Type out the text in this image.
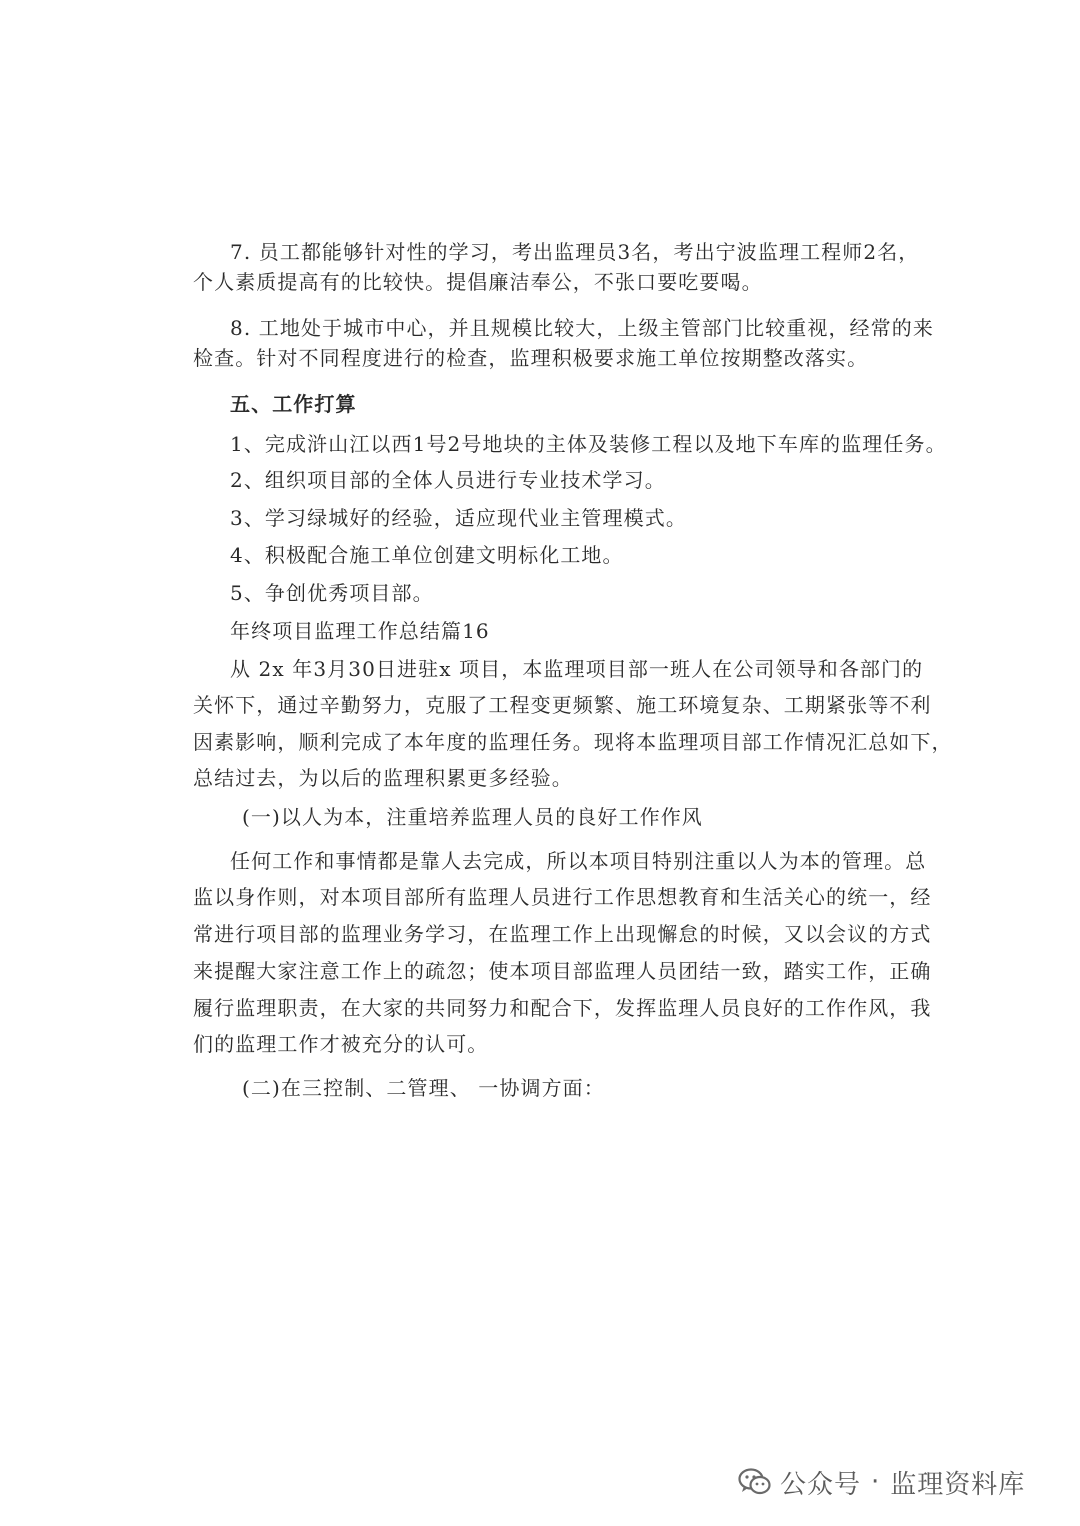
7. 员工都能够针对性的学习，考出监理员3名，考出宁波监理工程师2名，
个人素质提高有的比较快。提倡廉洁奉公，不张口要吃要喝。
8. 工地处于城市中心，并且规模比较大，上级主管部门比较重视，经常的来
检查。针对不同程度进行的检查，监理积极要求施工单位按期整改落实。
五、工作打算
1、完成浒山江以西1号2号地块的主体及装修工程以及地下车库的监理任务。
2、组织项目部的全体人员进行专业技术学习。
3、学习绿城好的经验，适应现代业主管理模式。
4、积极配合施工单位创建文明标化工地。
5、争创优秀项目部。
年终项目监理工作总结篇16
从 2x 年3月30日进驻x 项目，本监理项目部一班人在公司领导和各部门的
关怀下，通过辛勤努力，克服了工程变更频繁、施工环境复杂、工期紧张等不利
因素影响，顺利完成了本年度的监理任务。现将本监理项目部工作情况汇总如下，
总结过去，为以后的监理积累更多经验。
(一)以人为本，注重培养监理人员的良好工作作风
任何工作和事情都是靠人去完成，所以本项目特别注重以人为本的管理。总
监以身作则，对本项目部所有监理人员进行工作思想教育和生活关心的统一，经
常进行项目部的监理业务学习，在监理工作上出现懈怠的时候，又以会议的方式
来提醒大家注意工作上的疏忽；使本项目部监理人员团结一致，踏实工作，正确
履行监理职责，在大家的共同努力和配合下，发挥监理人员良好的工作作风，我
们的监理工作才被充分的认可。
(二)在三控制、二管理、 一协调方面：
公众号 · 监理资料库
